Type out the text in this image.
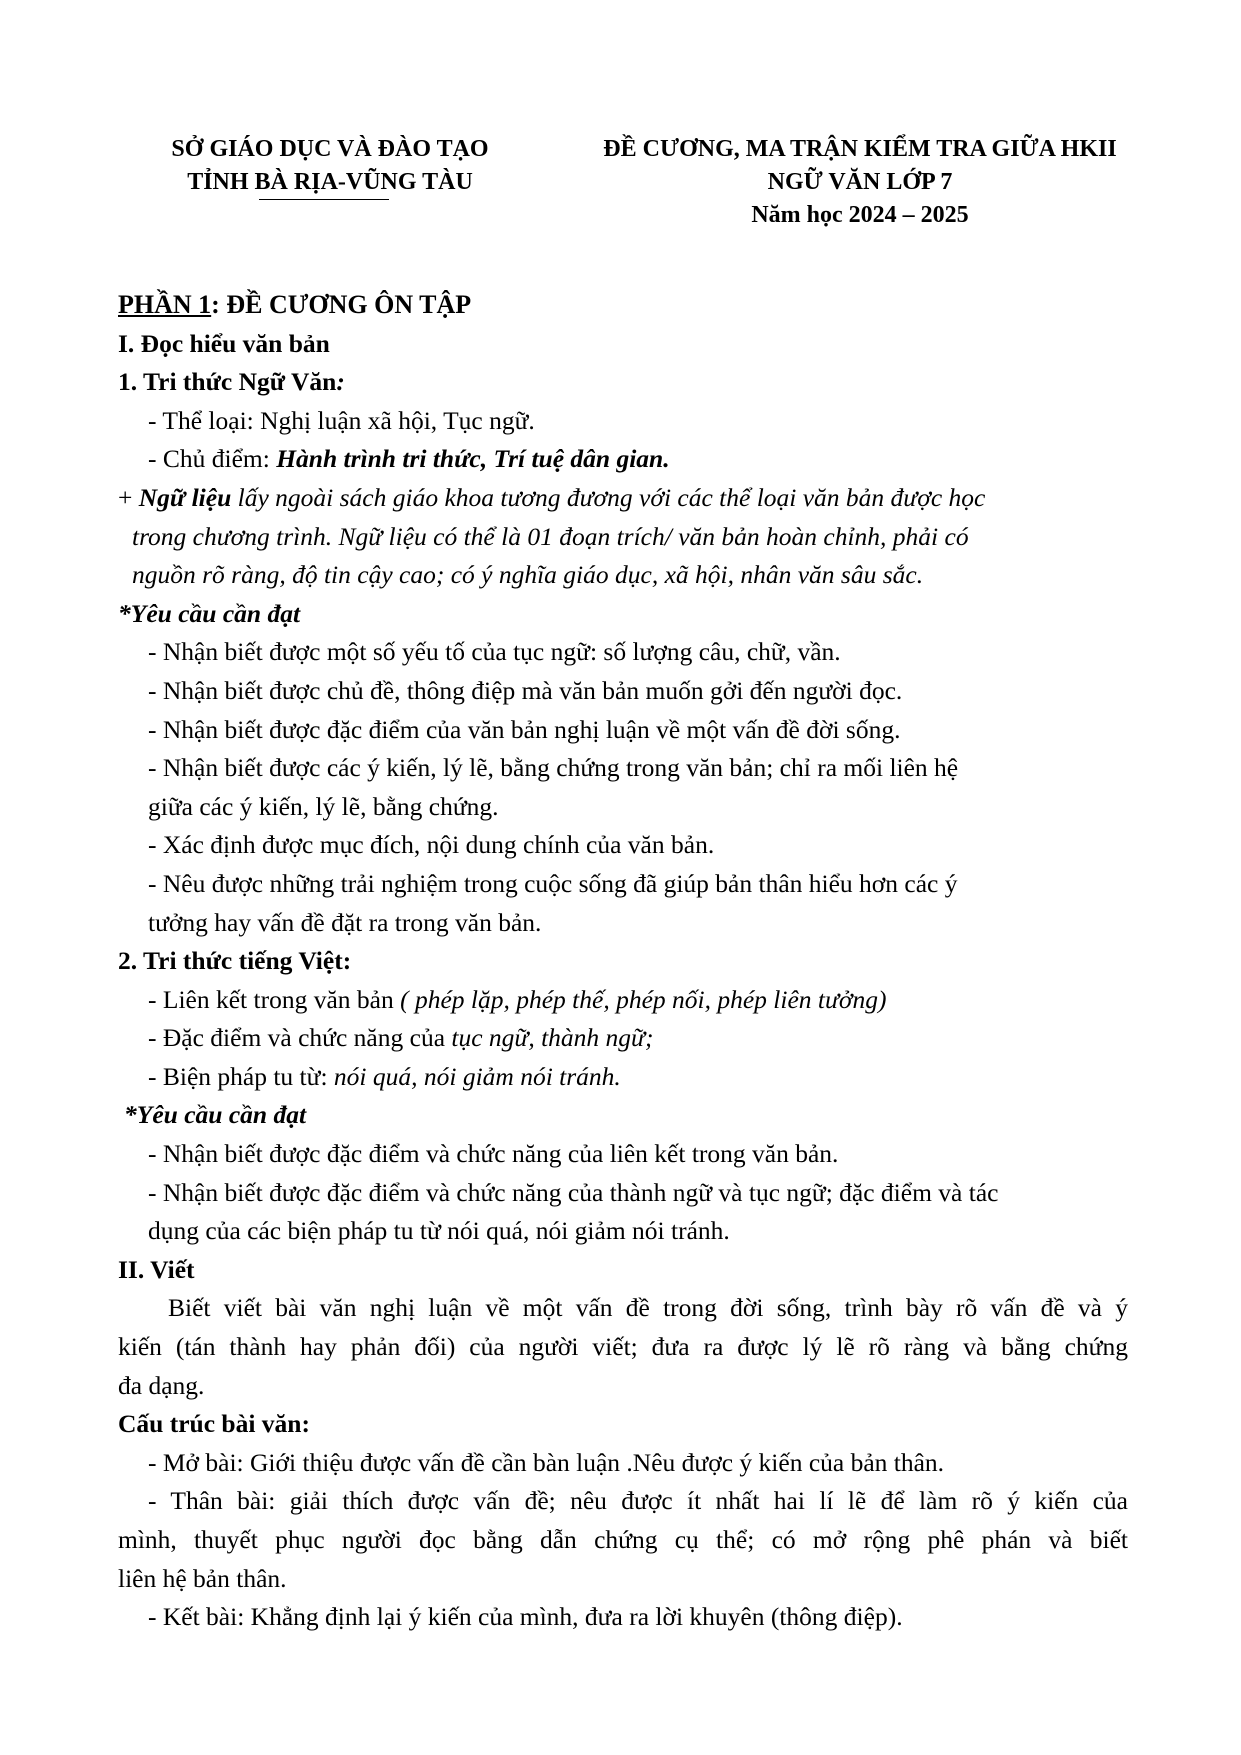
SỞ GIÁO DỤC VÀ ĐÀO TẠO
TỈNH BÀ RỊA-VŨNG TÀU
ĐỀ CƯƠNG, MA TRẬN KIỂM TRA GIỮA HKII
NGỮ VĂN LỚP 7
Năm học 2024 – 2025
PHẦN 1: ĐỀ CƯƠNG ÔN TẬP
I. Đọc hiểu văn bản
1. Tri thức Ngữ Văn:
- Thể loại: Nghị luận xã hội, Tục ngữ.
- Chủ điểm: Hành trình tri thức, Trí tuệ dân gian.
+ Ngữ liệu lấy ngoài sách giáo khoa tương đương với các thể loại văn bản được học
trong chương trình. Ngữ liệu có thể là 01 đoạn trích/ văn bản hoàn chỉnh, phải có
nguồn rõ ràng, độ tin cậy cao; có ý nghĩa giáo dục, xã hội, nhân văn sâu sắc.
*Yêu cầu cần đạt
- Nhận biết được một số yếu tố của tục ngữ: số lượng câu, chữ, vần.
- Nhận biết được chủ đề, thông điệp mà văn bản muốn gởi đến người đọc.
- Nhận biết được đặc điểm của văn bản nghị luận về một vấn đề đời sống.
- Nhận biết được các ý kiến, lý lẽ, bằng chứng trong văn bản; chỉ ra mối liên hệ
giữa các ý kiến, lý lẽ, bằng chứng.
- Xác định được mục đích, nội dung chính của văn bản.
- Nêu được những trải nghiệm trong cuộc sống đã giúp bản thân hiểu hơn các ý
tưởng hay vấn đề đặt ra trong văn bản.
2. Tri thức tiếng Việt:
- Liên kết trong văn bản ( phép lặp, phép thế, phép nối, phép liên tưởng)
- Đặc điểm và chức năng của tục ngữ, thành ngữ;
- Biện pháp tu từ: nói quá, nói giảm nói tránh.
*Yêu cầu cần đạt
- Nhận biết được đặc điểm và chức năng của liên kết trong văn bản.
- Nhận biết được đặc điểm và chức năng của thành ngữ và tục ngữ; đặc điểm và tác
dụng của các biện pháp tu từ nói quá, nói giảm nói tránh.
II. Viết
Biết viết bài văn nghị luận về một vấn đề trong đời sống, trình bày rõ vấn đề và ý
kiến (tán thành hay phản đối) của người viết; đưa ra được lý lẽ rõ ràng và bằng chứng
đa dạng.
Cấu trúc bài văn:
- Mở bài: Giới thiệu được vấn đề cần bàn luận .Nêu được ý kiến của bản thân.
- Thân bài: giải thích được vấn đề; nêu được ít nhất hai lí lẽ để làm rõ ý kiến của
mình, thuyết phục người đọc bằng dẫn chứng cụ thể; có mở rộng phê phán và biết
liên hệ bản thân.
- Kết bài: Khẳng định lại ý kiến của mình, đưa ra lời khuyên (thông điệp).
